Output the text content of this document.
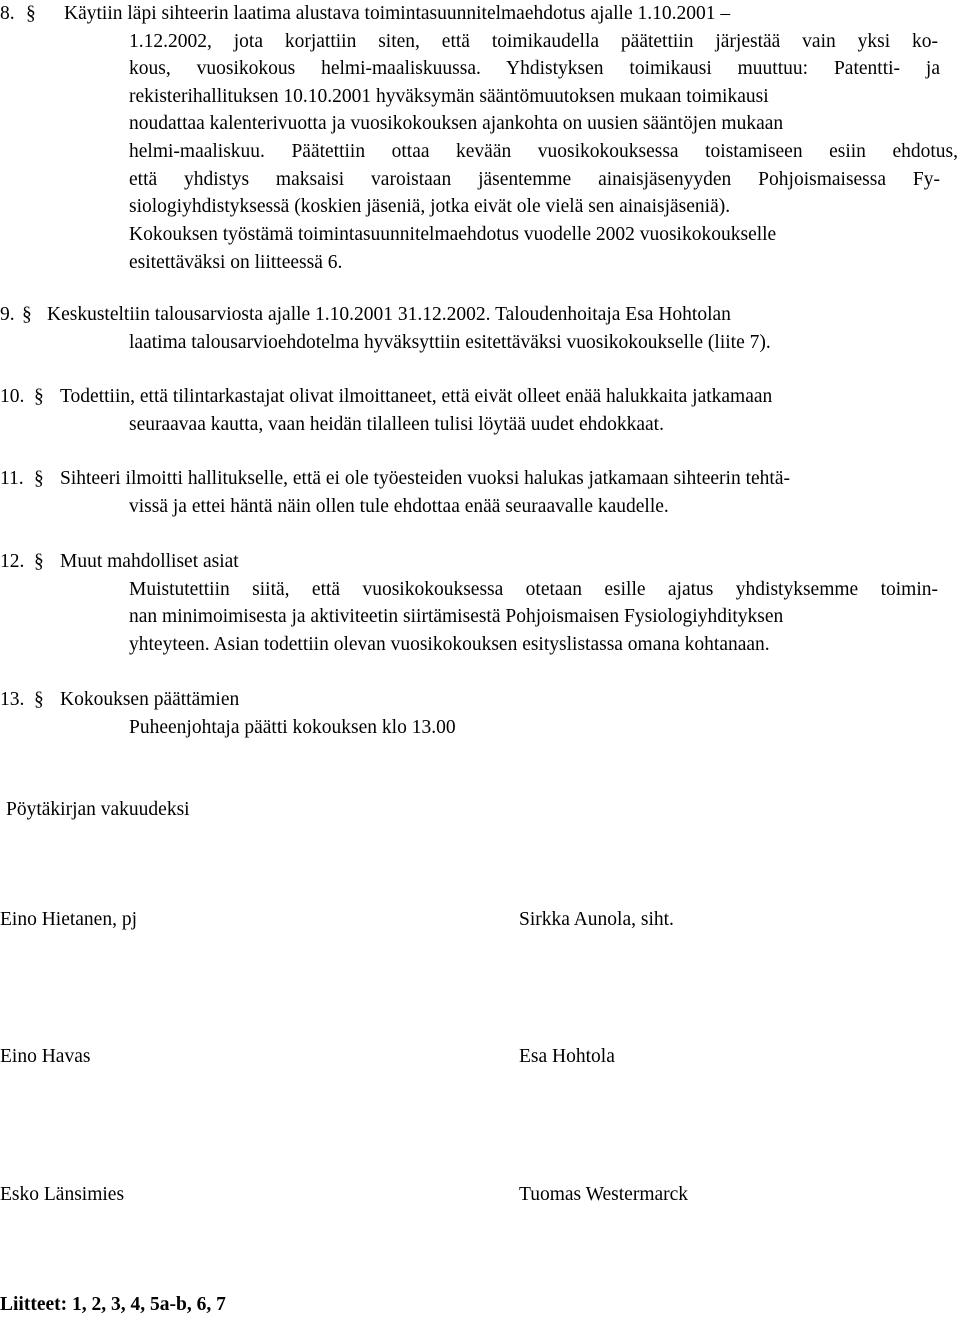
8. § Käytiin läpi sihteerin laatima alustava toimintasuunnitelmaehdotus ajalle 1.10.2001 –
1.12.2002, jota korjattiin siten, että toimikaudella päätettiin järjestää vain yksi ko-
kous, vuosikokous helmi-maaliskuussa. Yhdistyksen toimikausi muuttuu: Patentti- ja
rekisterihallituksen 10.10.2001 hyväksymän sääntömuutoksen mukaan toimikausi
noudattaa kalenterivuotta ja vuosikokouksen ajankohta on uusien sääntöjen mukaan
helmi-maaliskuu. Päätettiin ottaa kevään vuosikokouksessa toistamiseen esiin ehdotus,
että yhdistys maksaisi varoistaan jäsentemme ainaisjäsenyyden Pohjoismaisessa Fy-
siologiyhdistyksessä (koskien jäseniä, jotka eivät ole vielä sen ainaisjäseniä).
Kokouksen työstämä toimintasuunnitelmaehdotus vuodelle 2002 vuosikokoukselle
esitettäväksi on liitteessä 6.
9. § Keskusteltiin talousarviosta ajalle 1.10.2001 31.12.2002. Taloudenhoitaja Esa Hohtolan
laatima talousarvioehdotelma hyväksyttiin esitettäväksi vuosikokoukselle (liite 7).
10. § Todettiin, että tilintarkastajat olivat ilmoittaneet, että eivät olleet enää halukkaita jatkamaan
seuraavaa kautta, vaan heidän tilalleen tulisi löytää uudet ehdokkaat.
11. § Sihteeri ilmoitti hallitukselle, että ei ole työesteiden vuoksi halukas jatkamaan sihteerin tehtä-
vissä ja ettei häntä näin ollen tule ehdottaa enää seuraavalle kaudelle.
12. § Muut mahdolliset asiat
Muistutettiin siitä, että vuosikokouksessa otetaan esille ajatus yhdistyksemme toimin-
nan minimoimisesta ja aktiviteetin siirtämisestä Pohjoismaisen Fysiologiyhdityksen
yhteyteen. Asian todettiin olevan vuosikokouksen esityslistassa omana kohtanaan.
13. § Kokouksen päättämien
Puheenjohtaja päätti kokouksen klo 13.00
Pöytäkirjan vakuudeksi
Eino Hietanen, pj	Sirkka Aunola, siht.
Eino Havas	Esa Hohtola
Esko Länsimies	Tuomas Westermarck
Liitteet: 1, 2, 3, 4, 5a-b, 6, 7
